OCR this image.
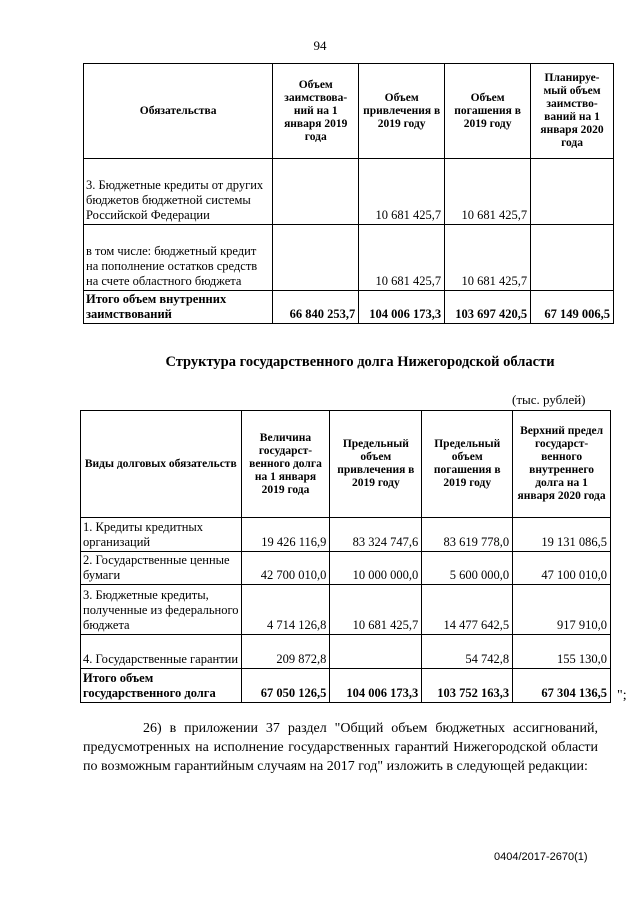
94
Обязательства	Объем заимствова- ний на 1 января 2019 года	Объем привлечения в 2019 году	Объем погашения в 2019 году	Планируе- мый объем заимство- ваний на 1 января 2020 года
3. Бюджетные кредиты от других бюджетов бюджетной системы Российской Федерации		10 681 425,7	10 681 425,7	
в том числе: бюджетный кредит на пополнение остатков средств на счете областного бюджета		10 681 425,7	10 681 425,7	
Итого объем внутренних заимствований	66 840 253,7	104 006 173,3	103 697 420,5	67 149 006,5
Структура государственного долга Нижегородской области
(тыс. рублей)
Виды долговых обязательств	Величина государст- венного долга на 1 января 2019 года	Предельный объем привлечения в 2019 году	Предельный объем погашения в 2019 году	Верхний предел государст- венного внутреннего долга на 1 января 2020 года
1. Кредиты кредитных организаций	19 426 116,9	83 324 747,6	83 619 778,0	19 131 086,5
2. Государственные ценные бумаги	42 700 010,0	10 000 000,0	5 600 000,0	47 100 010,0
3. Бюджетные кредиты, полученные из федерального бюджета	4 714 126,8	10 681 425,7	14 477 642,5	917 910,0
4. Государственные гарантии	209 872,8		54 742,8	155 130,0
Итого объем государственного долга	67 050 126,5	104 006 173,3	103 752 163,3	67 304 136,5 ";
26) в приложении 37 раздел "Общий объем бюджетных ассигнований, предусмотренных на исполнение государственных гарантий Нижегородской области по возможным гарантийным случаям на 2017 год" изложить в следующей редакции:
0404/2017-2670(1)
